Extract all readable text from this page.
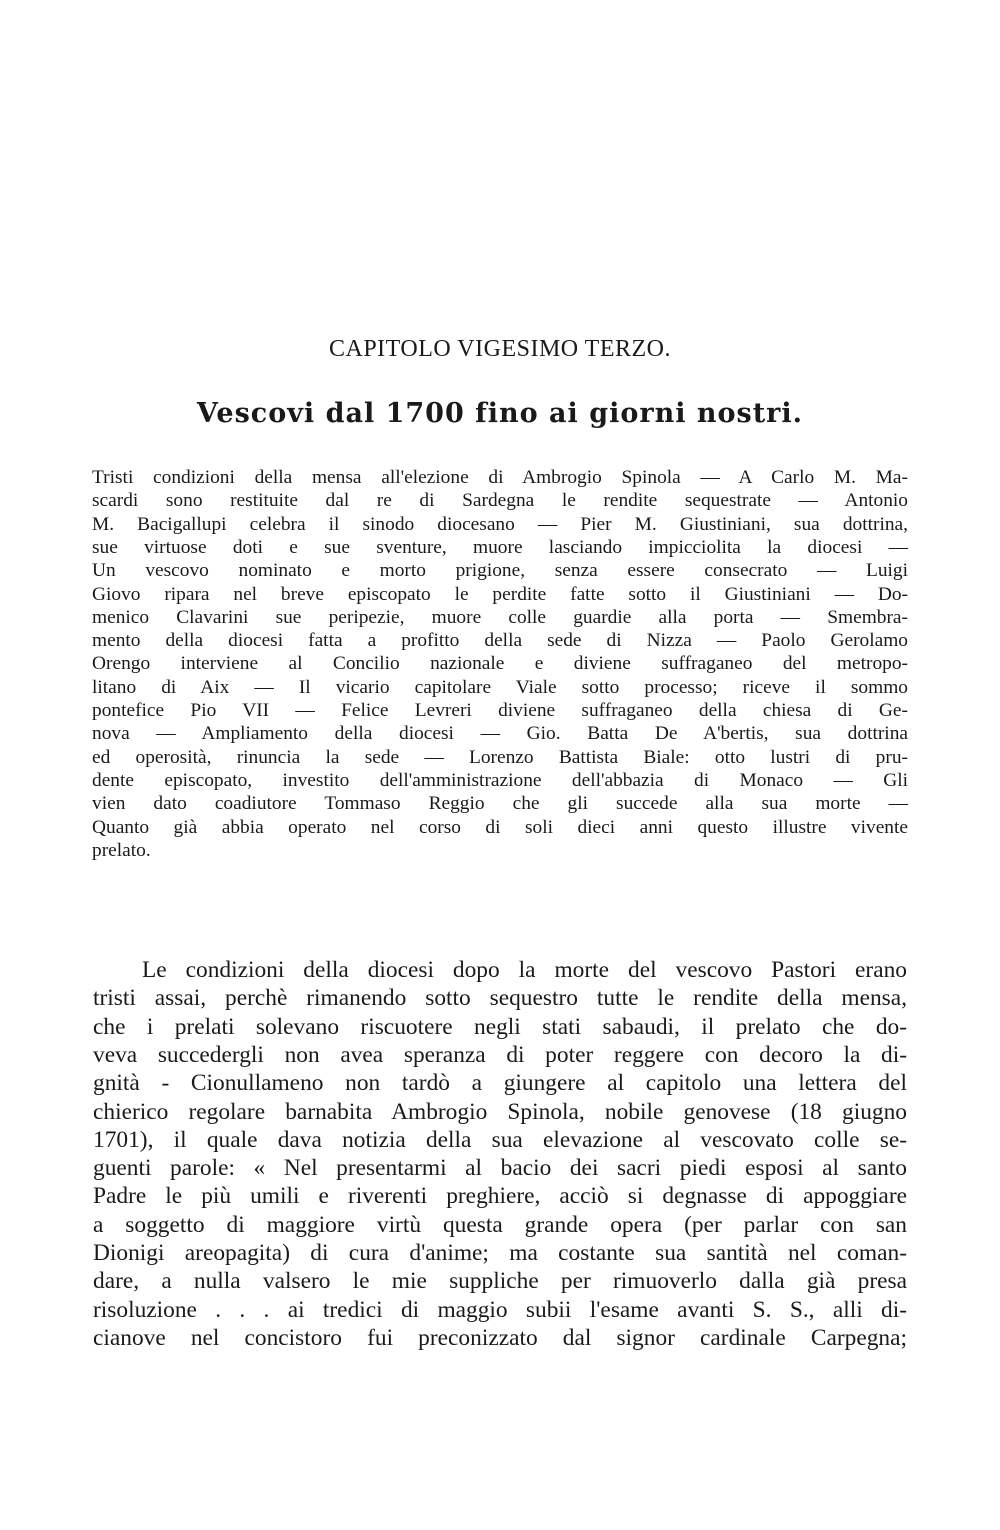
CAPITOLO VIGESIMO TERZO.
Vescovi dal 1700 fino ai giorni nostri.
Tristi condizioni della mensa all'elezione di Ambrogio Spinola — A Carlo M. Ma-
scardi sono restituite dal re di Sardegna le rendite sequestrate — Antonio
M. Bacigallupi celebra il sinodo diocesano — Pier M. Giustiniani, sua dottrina,
sue virtuose doti e sue sventure, muore lasciando impicciolita la diocesi —
Un vescovo nominato e morto prigione, senza essere consecrato — Luigi
Giovo ripara nel breve episcopato le perdite fatte sotto il Giustiniani — Do-
menico Clavarini sue peripezie, muore colle guardie alla porta — Smembra-
mento della diocesi fatta a profitto della sede di Nizza — Paolo Gerolamo
Orengo interviene al Concilio nazionale e diviene suffraganeo del metropo-
litano di Aix — Il vicario capitolare Viale sotto processo; riceve il sommo
pontefice Pio VII — Felice Levreri diviene suffraganeo della chiesa di Ge-
nova — Ampliamento della diocesi — Gio. Batta De A'bertis, sua dottrina
ed operosità, rinuncia la sede — Lorenzo Battista Biale: otto lustri di pru-
dente episcopato, investito dell'amministrazione dell'abbazia di Monaco — Gli
vien dato coadiutore Tommaso Reggio che gli succede alla sua morte —
Quanto già abbia operato nel corso di soli dieci anni questo illustre vivente
prelato.
Le condizioni della diocesi dopo la morte del vescovo Pastori erano
tristi assai, perchè rimanendo sotto sequestro tutte le rendite della mensa,
che i prelati solevano riscuotere negli stati sabaudi, il prelato che do-
veva succedergli non avea speranza di poter reggere con decoro la di-
gnità - Cionullameno non tardò a giungere al capitolo una lettera del
chierico regolare barnabita Ambrogio Spinola, nobile genovese (18 giugno
1701), il quale dava notizia della sua elevazione al vescovato colle se-
guenti parole: « Nel presentarmi al bacio dei sacri piedi esposi al santo
Padre le più umili e riverenti preghiere, acciò si degnasse di appoggiare
a soggetto di maggiore virtù questa grande opera (per parlar con san
Dionigi areopagita) di cura d'anime; ma costante sua santità nel coman-
dare, a nulla valsero le mie suppliche per rimuoverlo dalla già presa
risoluzione . . . ai tredici di maggio subii l'esame avanti S. S., alli di-
cianove nel concistoro fui preconizzato dal signor cardinale Carpegna;
